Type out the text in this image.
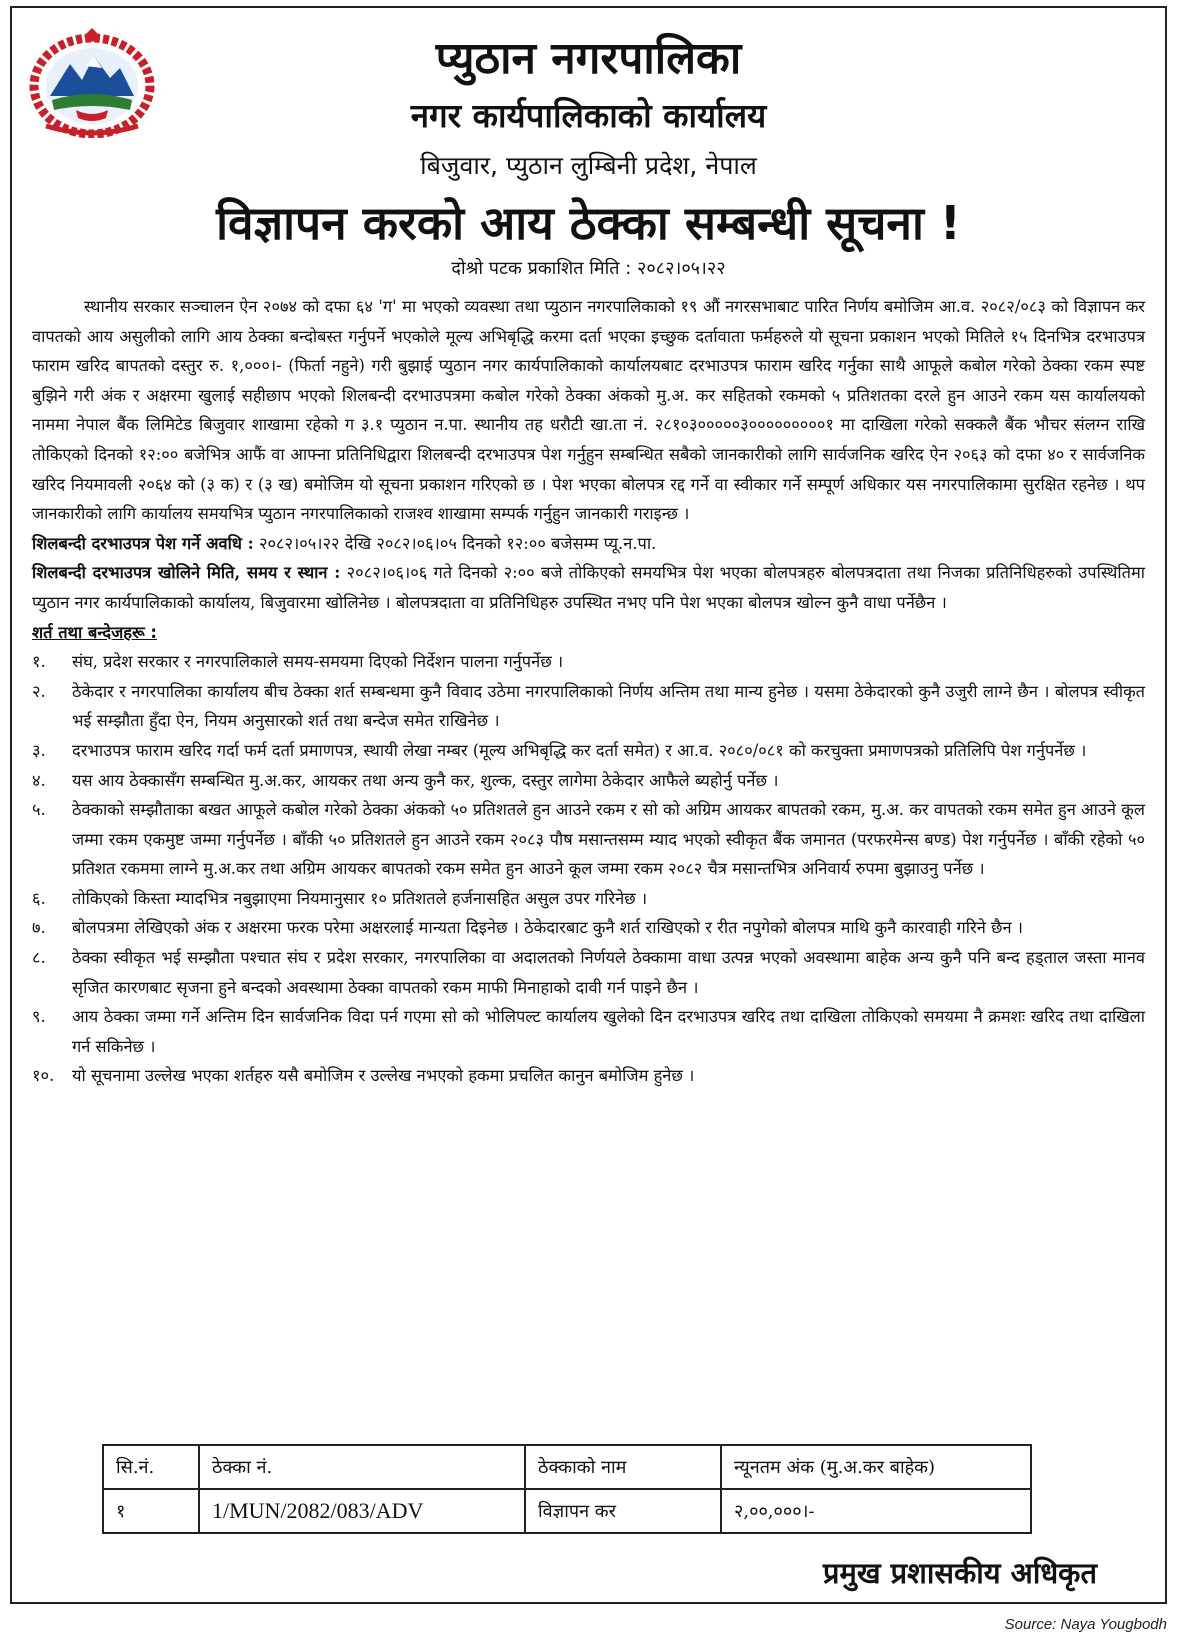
प्युठान नगरपालिका
नगर कार्यपालिकाको कार्यालय
बिजुवार, प्युठान लुम्बिनी प्रदेश, नेपाल
विज्ञापन करको आय ठेक्का सम्बन्धी सूचना !
दोश्रो पटक प्रकाशित मिति : २०८२।०५।२२

स्थानीय सरकार सञ्चालन ऐन २०७४ को दफा ६४ 'ग' मा भएको व्यवस्था तथा प्युठान नगरपालिकाको १९ औं नगरसभाबाट पारित निर्णय बमोजिम आ.व. २०८२/०८३ को विज्ञापन कर वापतको आय असुलीको लागि आय ठेक्का बन्दोबस्त गर्नुपर्ने भएकोले मूल्य अभिबृद्धि करमा दर्ता भएका इच्छुक दर्तावाता फर्महरुले यो सूचना प्रकाशन भएको मितिले १५ दिनभित्र दरभाउपत्र फाराम खरिद बापतको दस्तुर रु. १,०००।- (फिर्ता नहुने) गरी बुझाई प्युठान नगर कार्यपालिकाको कार्यालयबाट दरभाउपत्र फाराम खरिद गर्नुका साथै आफूले कबोल गरेको ठेक्का रकम स्पष्ट बुझिने गरी अंक र अक्षरमा खुलाई सहीछाप भएको शिलबन्दी दरभाउपत्रमा कबोल गरेको ठेक्का अंकको मु.अ. कर सहितको रकमको ५ प्रतिशतका दरले हुन आउने रकम यस कार्यालयको नाममा नेपाल बैंक लिमिटेड बिजुवार शाखामा रहेको ग ३.१ प्युठान न.पा. स्थानीय तह धरौटी खा.ता नं. २८१०३०००००३०००००००००१ मा दाखिला गरेको सक्कलै बैंक भौचर संलग्न राखि तोकिएको दिनको १२:०० बजेभित्र आफैं वा आफ्ना प्रतिनिधिद्वारा शिलबन्दी दरभाउपत्र पेश गर्नुहुन सम्बन्धित सबैको जानकारीको लागि सार्वजनिक खरिद ऐन २०६३ को दफा ४० र सार्वजनिक खरिद नियमावली २०६४ को (३ क) र (३ ख) बमोजिम यो सूचना प्रकाशन गरिएको छ । पेश भएका बोलपत्र रद्द गर्ने वा स्वीकार गर्ने सम्पूर्ण अधिकार यस नगरपालिकामा सुरक्षित रहनेछ । थप जानकारीको लागि कार्यालय समयभित्र प्युठान नगरपालिकाको राजश्व शाखामा सम्पर्क गर्नुहुन जानकारी गराइन्छ ।

शिलबन्दी दरभाउपत्र पेश गर्ने अवधि : २०८२।०५।२२ देखि २०८२।०६।०५ दिनको १२:०० बजेसम्म प्यू.न.पा.

शिलबन्दी दरभाउपत्र खोलिने मिति, समय र स्थान : २०८२।०६।०६ गते दिनको २:०० बजे तोकिएको समयभित्र पेश भएका बोलपत्रहरु बोलपत्रदाता तथा निजका प्रतिनिधिहरुको उपस्थितिमा प्युठान नगर कार्यपालिकाको कार्यालय, बिजुवारमा खोलिनेछ । बोलपत्रदाता वा प्रतिनिधिहरु उपस्थित नभए पनि पेश भएका बोलपत्र खोल्न कुनै वाधा पर्नेछैन ।

शर्त तथा बन्देजहरू :

१.	संघ, प्रदेश सरकार र नगरपालिकाले समय-समयमा दिएको निर्देशन पालना गर्नुपर्नेछ ।
२.	ठेकेदार र नगरपालिका कार्यालय बीच ठेक्का शर्त सम्बन्धमा कुनै विवाद उठेमा नगरपालिकाको निर्णय अन्तिम तथा मान्य हुनेछ । यसमा ठेकेदारको कुनै उजुरी लाग्ने छैन । बोलपत्र स्वीकृत भई सम्झौता हुँदा ऐन, नियम अनुसारको शर्त तथा बन्देज समेत राखिनेछ ।
३.	दरभाउपत्र फाराम खरिद गर्दा फर्म दर्ता प्रमाणपत्र, स्थायी लेखा नम्बर (मूल्य अभिबृद्धि कर दर्ता समेत) र आ.व. २०८०/०८१ को करचुक्ता प्रमाणपत्रको प्रतिलिपि पेश गर्नुपर्नेछ ।
४.	यस आय ठेक्कासँग सम्बन्धित मु.अ.कर, आयकर तथा अन्य कुनै कर, शुल्क, दस्तुर लागेमा ठेकेदार आफैले ब्यहोर्नु पर्नेछ ।
५.	ठेक्काको सम्झौताका बखत आफूले कबोल गरेको ठेक्का अंकको ५० प्रतिशतले हुन आउने रकम र सो को अग्रिम आयकर बापतको रकम, मु.अ. कर वापतको रकम समेत हुन आउने कूल जम्मा रकम एकमुष्ट जम्मा गर्नुपर्नेछ । बाँकी ५० प्रतिशतले हुन आउने रकम २०८३ पौष मसान्तसम्म म्याद भएको स्वीकृत बैंक जमानत (परफरमेन्स बण्ड) पेश गर्नुपर्नेछ । बाँकी रहेको ५० प्रतिशत रकममा लाग्ने मु.अ.कर तथा अग्रिम आयकर बापतको रकम समेत हुन आउने कूल जम्मा रकम २०८२ चैत्र मसान्तभित्र अनिवार्य रुपमा बुझाउनु पर्नेछ ।
६.	तोकिएको किस्ता म्यादभित्र नबुझाएमा नियमानुसार १० प्रतिशतले हर्जनासहित असुल उपर गरिनेछ ।
७.	बोलपत्रमा लेखिएको अंक र अक्षरमा फरक परेमा अक्षरलाई मान्यता दिइनेछ । ठेकेदारबाट कुनै शर्त राखिएको र रीत नपुगेको बोलपत्र माथि कुनै कारवाही गरिने छैन ।
८.	ठेक्का स्वीकृत भई सम्झौता पश्चात संघ र प्रदेश सरकार, नगरपालिका वा अदालतको निर्णयले ठेक्कामा वाधा उत्पन्न भएको अवस्थामा बाहेक अन्य कुनै पनि बन्द हड्ताल जस्ता मानव सृजित कारणबाट सृजना हुने बन्दको अवस्थामा ठेक्का वापतको रकम माफी मिनाहाको दावी गर्न पाइने छैन ।
९.	आय ठेक्का जम्मा गर्ने अन्तिम दिन सार्वजनिक विदा पर्न गएमा सो को भोलिपल्ट कार्यालय खुलेको दिन दरभाउपत्र खरिद तथा दाखिला तोकिएको समयमा नै क्रमशः खरिद तथा दाखिला गर्न सकिनेछ ।
१०.	यो सूचनामा उल्लेख भएका शर्तहरु यसै बमोजिम र उल्लेख नभएको हकमा प्रचलित कानुन बमोजिम हुनेछ ।
सि.नं.	ठेक्का नं.	ठेक्काको नाम	न्यूनतम अंक (मु.अ.कर बाहेक)
१	1/MUN/2082/083/ADV	विज्ञापन कर	२,००,०००।-
प्रमुख प्रशासकीय अधिकृत
Source: Naya Yougbodh
